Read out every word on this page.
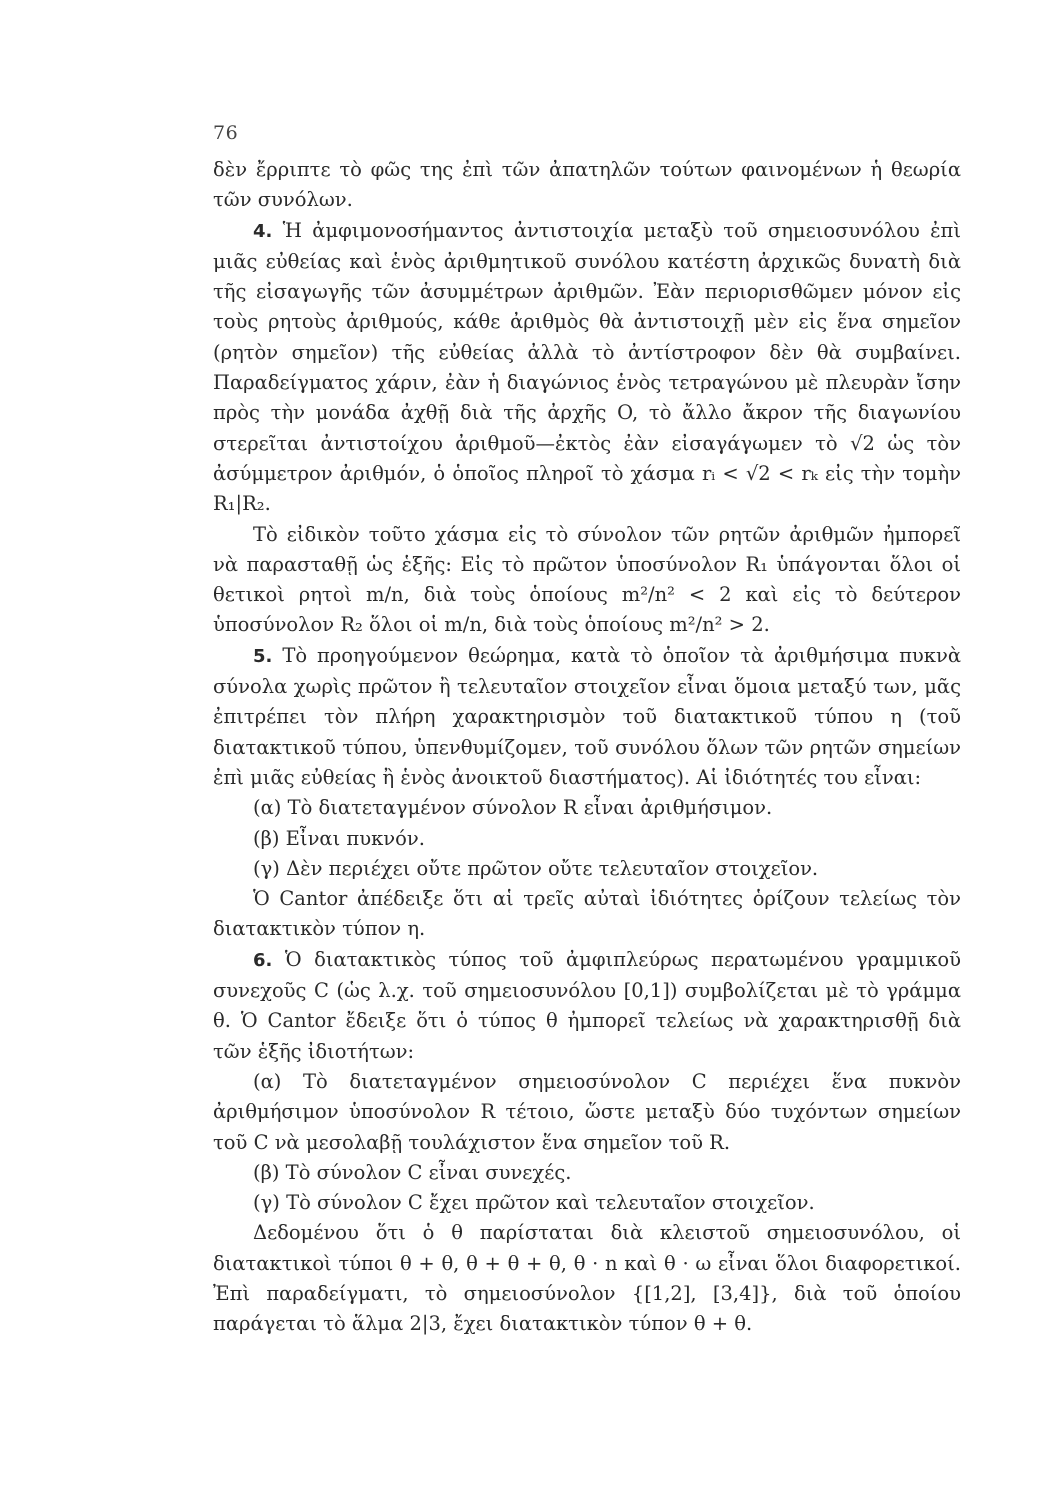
76

δὲν ἔρριπτε τὸ φῶς της ἐπὶ τῶν ἀπατηλῶν τούτων φαινομένων ἡ θεωρία τῶν συνόλων.

4. Ἡ ἀμφιμονοσήμαντος ἀντιστοιχία μεταξὺ τοῦ σημειοσυνόλου ἐπὶ μιᾶς εὐθείας καὶ ἑνὸς ἀριθμητικοῦ συνόλου κατέστη ἀρχικῶς δυνατὴ διὰ τῆς εἰσαγωγῆς τῶν ἀσυμμέτρων ἀριθμῶν. Ἐὰν περιορισθῶμεν μόνον εἰς τοὺς ρητοὺς ἀριθμούς, κάθε ἀριθμὸς θὰ ἀντιστοιχῇ μὲν εἰς ἕνα σημεῖον (ρητὸν σημεῖον) τῆς εὐθείας ἀλλὰ τὸ ἀντίστροφον δὲν θὰ συμβαίνει. Παραδείγματος χάριν, ἐὰν ἡ διαγώνιος ἑνὸς τετραγώνου μὲ πλευρὰν ἴσην πρὸς τὴν μονάδα ἀχθῇ διὰ τῆς ἀρχῆς O, τὸ ἄλλο ἄκρον τῆς διαγωνίου στερεῖται ἀντιστοίχου ἀριθμοῦ—ἐκτὸς ἐὰν εἰσαγάγωμεν τὸ √2 ὡς τὸν ἀσύμμετρον ἀριθμόν, ὁ ὁποῖος πληροῖ τὸ χάσμα rᵢ < √2 < rₖ εἰς τὴν τομὴν R₁|R₂.

Τὸ εἰδικὸν τοῦτο χάσμα εἰς τὸ σύνολον τῶν ρητῶν ἀριθμῶν ἠμπορεῖ νὰ παρασταθῇ ὡς ἑξῆς: Εἰς τὸ πρῶτον ὑποσύνολον R₁ ὑπάγονται ὅλοι οἱ θετικοὶ ρητοὶ m/n, διὰ τοὺς ὁποίους m²/n² < 2 καὶ εἰς τὸ δεύτερον ὑποσύνολον R₂ ὅλοι οἱ m/n, διὰ τοὺς ὁποίους m²/n² > 2.

5. Τὸ προηγούμενον θεώρημα, κατὰ τὸ ὁποῖον τὰ ἀριθμήσιμα πυκνὰ σύνολα χωρὶς πρῶτον ἢ τελευταῖον στοιχεῖον εἶναι ὅμοια μεταξύ των, μᾶς ἐπιτρέπει τὸν πλήρη χαρακτηρισμὸν τοῦ διατακτικοῦ τύπου η (τοῦ διατακτικοῦ τύπου, ὑπενθυμίζομεν, τοῦ συνόλου ὅλων τῶν ρητῶν σημείων ἐπὶ μιᾶς εὐθείας ἢ ἑνὸς ἀνοικτοῦ διαστήματος). Αἱ ἰδιότητές του εἶναι:

(α) Τὸ διατεταγμένον σύνολον R εἶναι ἀριθμήσιμον.

(β) Εἶναι πυκνόν.

(γ) Δὲν περιέχει οὔτε πρῶτον οὔτε τελευταῖον στοιχεῖον.

Ὁ Cantor ἀπέδειξε ὅτι αἱ τρεῖς αὐταὶ ἰδιότητες ὁρίζουν τελείως τὸν διατακτικὸν τύπον η.

6. Ὁ διατακτικὸς τύπος τοῦ ἀμφιπλεύρως περατωμένου γραμμικοῦ συνεχοῦς C (ὡς λ.χ. τοῦ σημειοσυνόλου [0,1]) συμβολίζεται μὲ τὸ γράμμα θ. Ὁ Cantor ἔδειξε ὅτι ὁ τύπος θ ἠμπορεῖ τελείως νὰ χαρακτηρισθῇ διὰ τῶν ἑξῆς ἰδιοτήτων:

(α) Τὸ διατεταγμένον σημειοσύνολον C περιέχει ἕνα πυκνὸν ἀριθμήσιμον ὑποσύνολον R τέτοιο, ὥστε μεταξὺ δύο τυχόντων σημείων τοῦ C νὰ μεσολαβῇ τουλάχιστον ἕνα σημεῖον τοῦ R.

(β) Τὸ σύνολον C εἶναι συνεχές.

(γ) Τὸ σύνολον C ἔχει πρῶτον καὶ τελευταῖον στοιχεῖον.

Δεδομένου ὅτι ὁ θ παρίσταται διὰ κλειστοῦ σημειοσυνόλου, οἱ διατακτικοὶ τύποι θ + θ, θ + θ + θ, θ · n καὶ θ · ω εἶναι ὅλοι διαφορετικοί. Ἐπὶ παραδείγματι, τὸ σημειοσύνολον {[1,2], [3,4]}, διὰ τοῦ ὁποίου παράγεται τὸ ἅλμα 2|3, ἔχει διατακτικὸν τύπον θ + θ.
